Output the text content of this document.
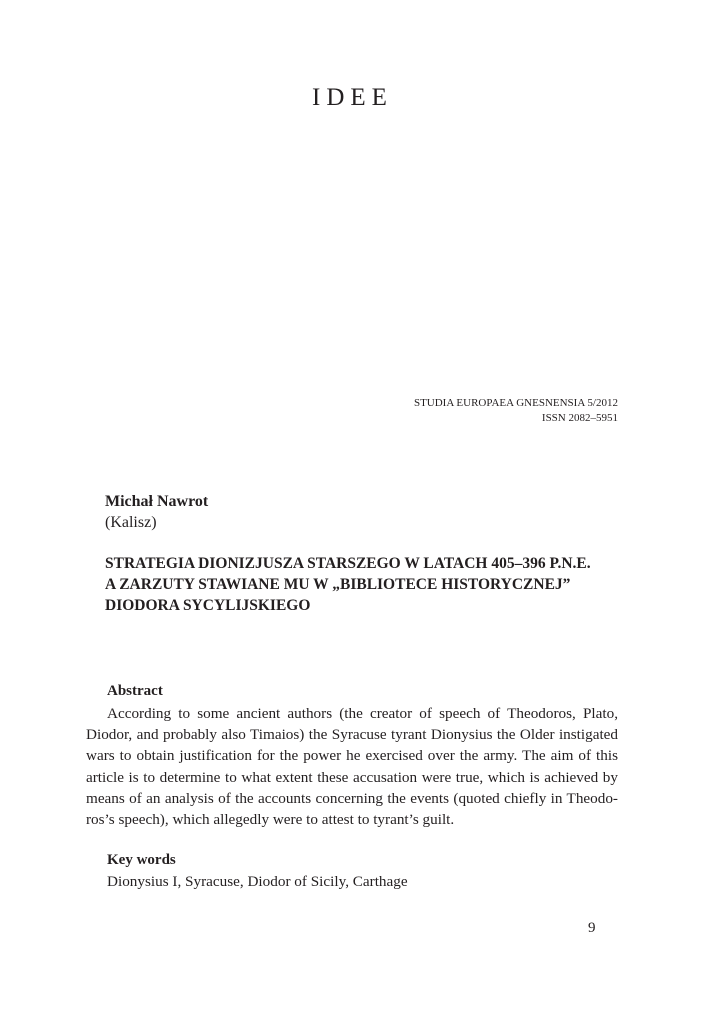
IDEE
STUDIA EUROPAEA GNESNENSIA 5/2012
ISSN 2082–5951
Michał Nawrot
(Kalisz)
STRATEGIA DIONIZJUSZA STARSZEGO W LATACH 405–396 P.N.E.
A ZARZUTY STAWIANE MU W „BIBLIOTECE HISTORYCZNEJ”
DIODORA SYCYLIJSKIEGO
Abstract
According to some ancient authors (the creator of speech of Theodoros, Plato,
Diodor, and probably also Timaios) the Syracuse tyrant Dionysius the Older instigated
wars to obtain justification for the power he exercised over the army. The aim of this
article is to determine to what extent these accusation were true, which is achieved by
means of an analysis of the accounts concerning the events (quoted chiefly in Theodo-
ros’s speech), which allegedly were to attest to tyrant’s guilt.
Key words
Dionysius I, Syracuse, Diodor of Sicily, Carthage
9
